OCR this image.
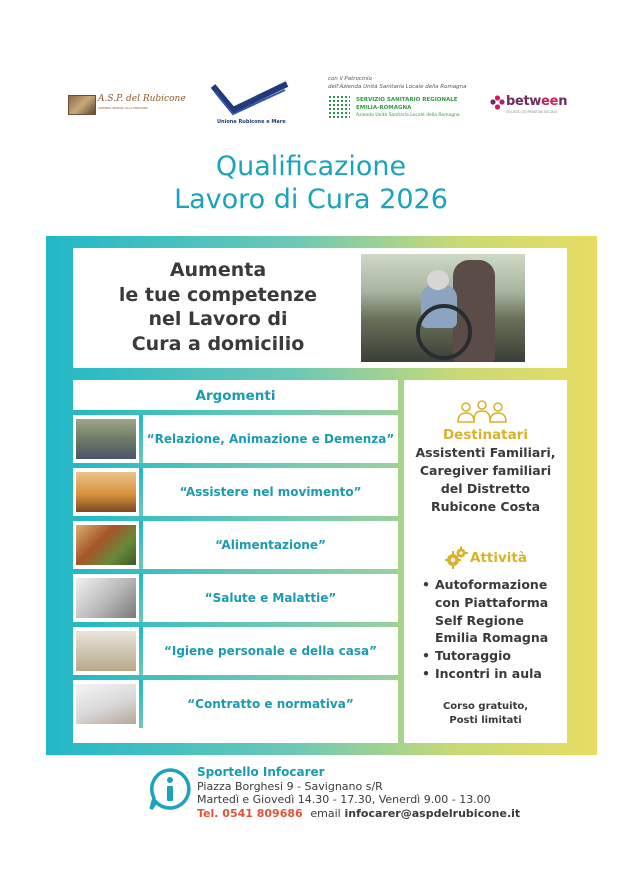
A.S.P. del Rubicone
AZIENDA SERVIZI ALLA PERSONA
Unione Rubicone e Mare
con il Patrocinio
dell'Azienda Unità Sanitaria Locale della Romagna
SERVIZIO SANITARIO REGIONALE
EMILIA-ROMAGNA
Azienda Unità Sanitaria Locale della Romagna
between
SOCIETÀ COOPERATIVA SOCIALE
Qualificazione
Lavoro di Cura 2026
Aumenta
le tue competenze
nel Lavoro di
Cura a domicilio
Argomenti
“Relazione, Animazione e Demenza”
“Assistere nel movimento”
“Alimentazione”
“Salute e Malattie”
“Igiene personale e della casa”
“Contratto e normativa”
Destinatari
Assistenti Familiari,
Caregiver familiari
del Distretto
Rubicone Costa
Attività
• Autoformazione
con Piattaforma
Self Regione
Emilia Romagna
• Tutoraggio
• Incontri in aula
Corso gratuito,
Posti limitati
Sportello Infocarer
Piazza Borghesi 9 - Savignano s/R
Martedì e Giovedì 14.30 - 17.30, Venerdì 9.00 - 13.00
Tel. 0541 809686 email infocarer@aspdelrubicone.it
